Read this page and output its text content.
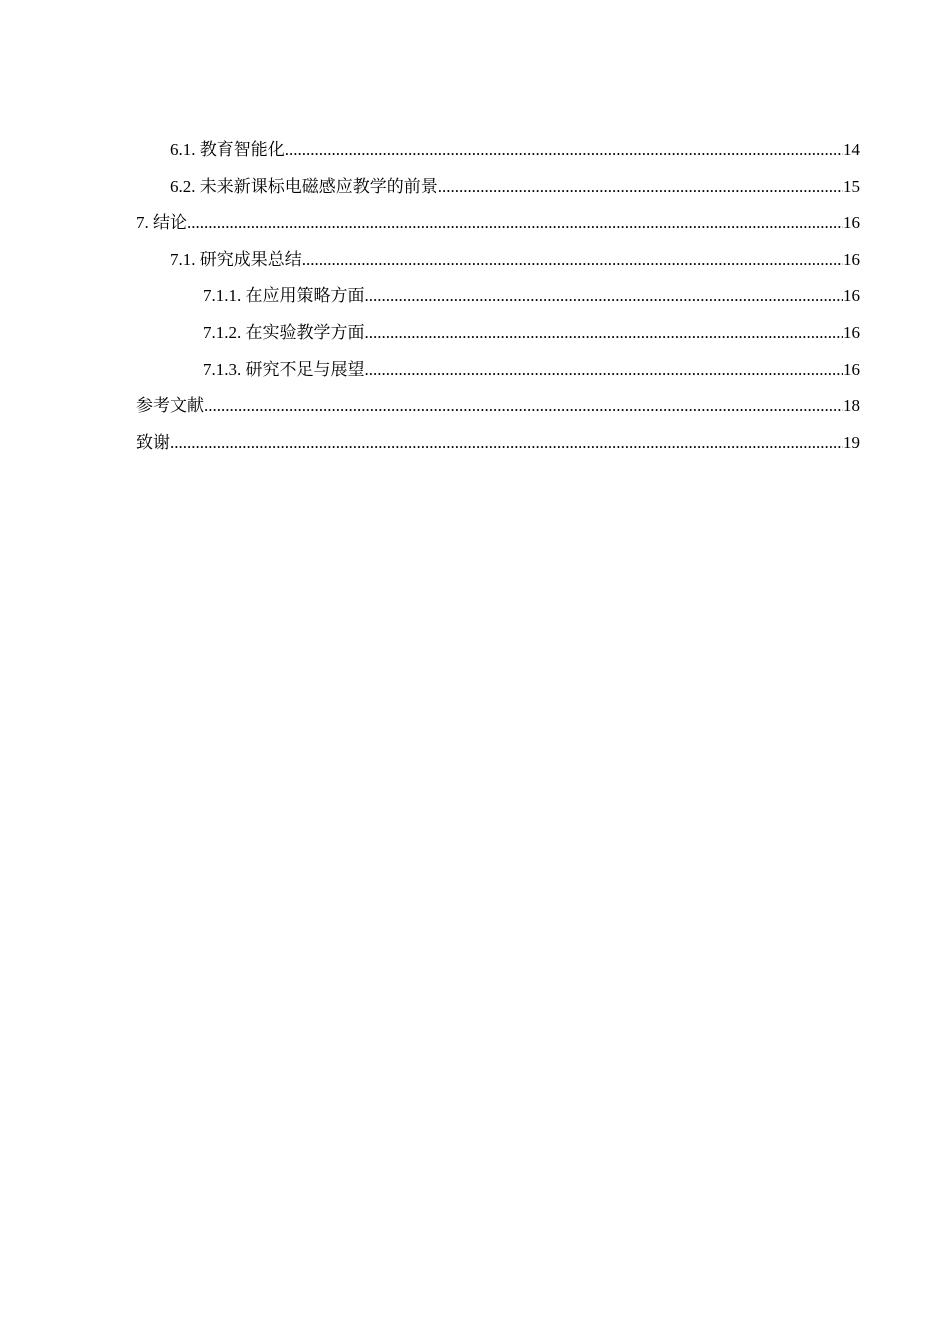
6.1. 教育智能化 .....	14
6.2. 未来新课标电磁感应教学的前景 .....	15
7. 结论 .....	16
7.1. 研究成果总结 .....	16
7.1.1. 在应用策略方面 .....	16
7.1.2. 在实验教学方面 .....	16
7.1.3. 研究不足与展望 .....	16
参考文献 .....	18
致谢 .....	19
